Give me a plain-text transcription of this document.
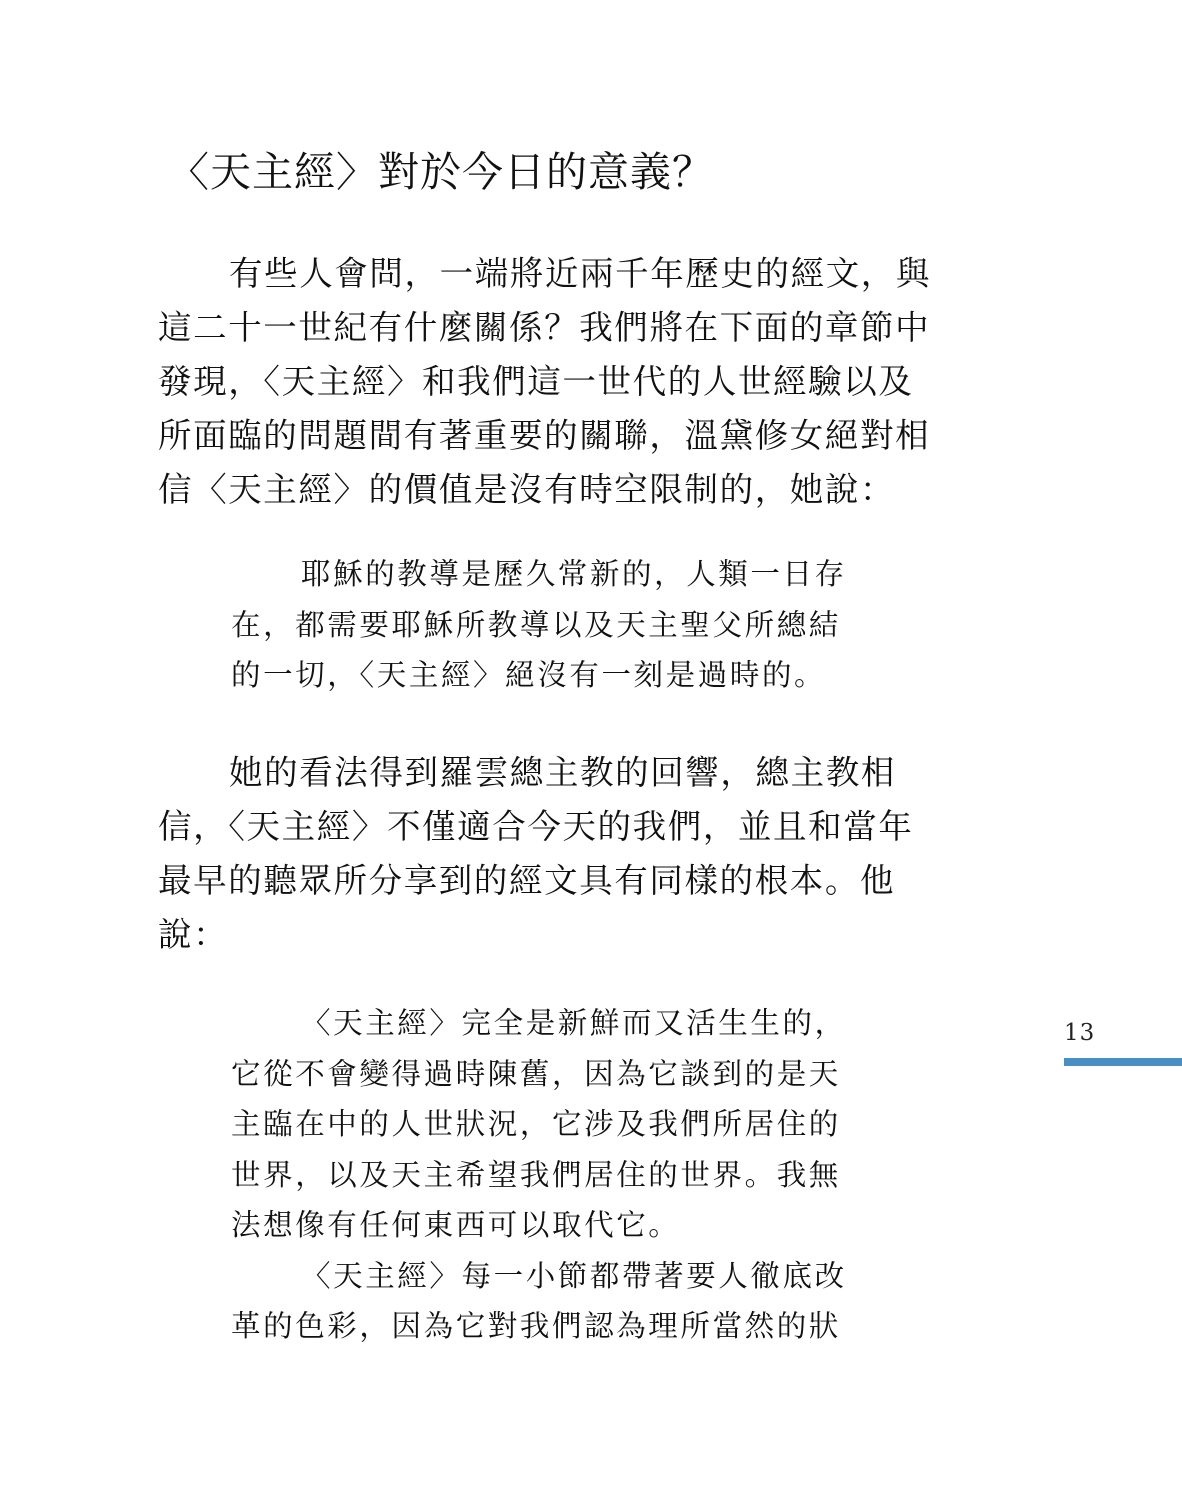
〈天主經〉對於今日的意義？
有些人會問，一端將近兩千年歷史的經文，與
這二十一世紀有什麼關係？我們將在下面的章節中
發現，〈天主經〉和我們這一世代的人世經驗以及
所面臨的問題間有著重要的關聯，溫黛修女絕對相
信〈天主經〉的價值是沒有時空限制的，她說：
耶穌的教導是歷久常新的，人類一日存
在，都需要耶穌所教導以及天主聖父所總結
的一切，〈天主經〉絕沒有一刻是過時的。
她的看法得到羅雲總主教的回響，總主教相
信，〈天主經〉不僅適合今天的我們，並且和當年
最早的聽眾所分享到的經文具有同樣的根本。他
說：
〈天主經〉完全是新鮮而又活生生的，
它從不會變得過時陳舊，因為它談到的是天
主臨在中的人世狀況，它涉及我們所居住的
世界，以及天主希望我們居住的世界。我無
法想像有任何東西可以取代它。
〈天主經〉每一小節都帶著要人徹底改
革的色彩，因為它對我們認為理所當然的狀
13
